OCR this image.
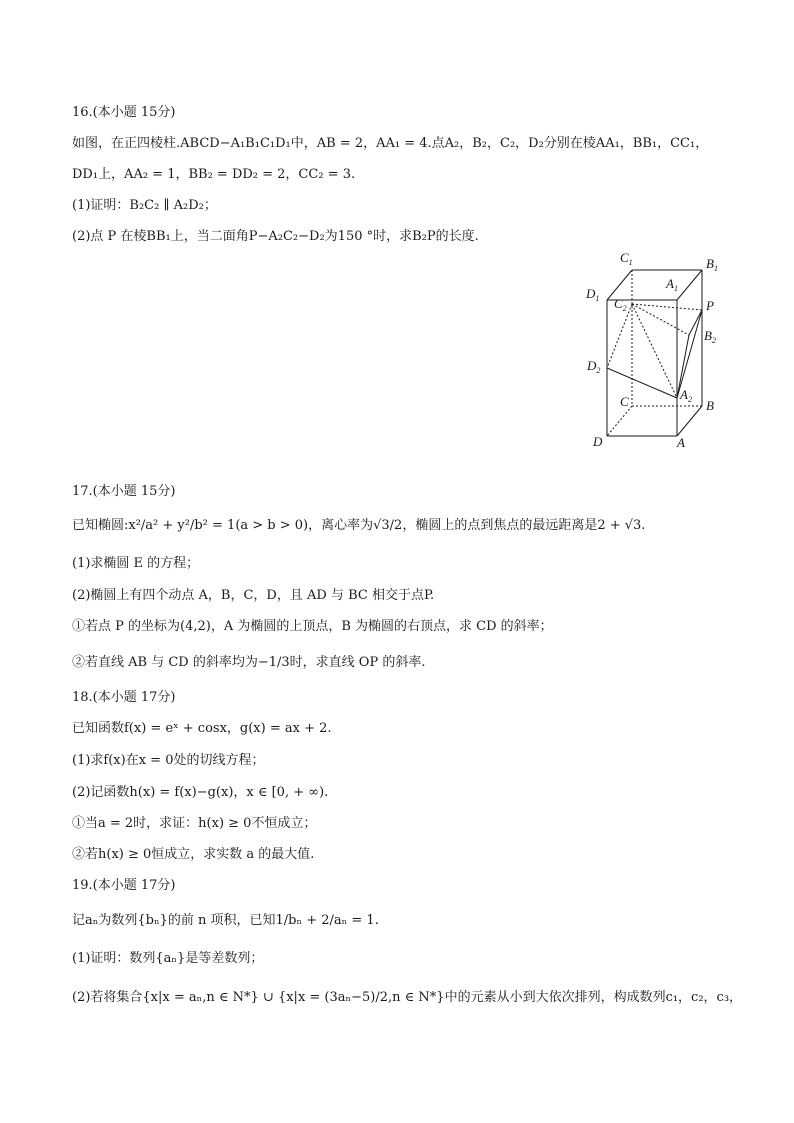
16.(本小题 15分)
如图，在正四棱柱.ABCD−A₁B₁C₁D₁中，AB = 2，AA₁ = 4.点A₂，B₂，C₂，D₂分别在棱AA₁，BB₁，CC₁，
DD₁上，AA₂ = 1，BB₂ = DD₂ = 2，CC₂ = 3.
(1)证明：B₂C₂ ∥ A₂D₂；
(2)点 P 在棱BB₁上，当二面角P−A₂C₂−D₂为150 °时，求B₂P的长度.
17.(本小题 15分)
已知椭圆:x²/a² + y²/b² = 1(a > b > 0)，离心率为√3/2，椭圆上的点到焦点的最远距离是2 + √3.
(1)求椭圆 E 的方程；
(2)椭圆上有四个动点 A，B，C，D，且 AD 与 BC 相交于点P.
①若点 P 的坐标为(4,2)，A 为椭圆的上顶点，B 为椭圆的右顶点，求 CD 的斜率；
②若直线 AB 与 CD 的斜率均为−1/3时，求直线 OP 的斜率.
18.(本小题 17分)
已知函数f(x) = eˣ + cosx，g(x) = ax + 2.
(1)求f(x)在x = 0处的切线方程；
(2)记函数h(x) = f(x)−g(x)，x ∈ [0, + ∞).
①当a = 2时，求证：h(x) ≥ 0不恒成立；
②若h(x) ≥ 0恒成立，求实数 a 的最大值.
19.(本小题 17分)
记aₙ为数列{bₙ}的前 n 项积，已知1/bₙ + 2/aₙ = 1.
(1)证明：数列{aₙ}是等差数列；
(2)若将集合{x|x = aₙ,n ∈ N*} ∪ {x|x = (3aₙ−5)/2,n ∈ N*}中的元素从小到大依次排列，构成数列c₁，c₂，c₃，
$C_1$	$B_1$
$A_1$
$D_1$ $C_2$	P
$B_2$
$D_2$
$A_2$
C	B
D	A
